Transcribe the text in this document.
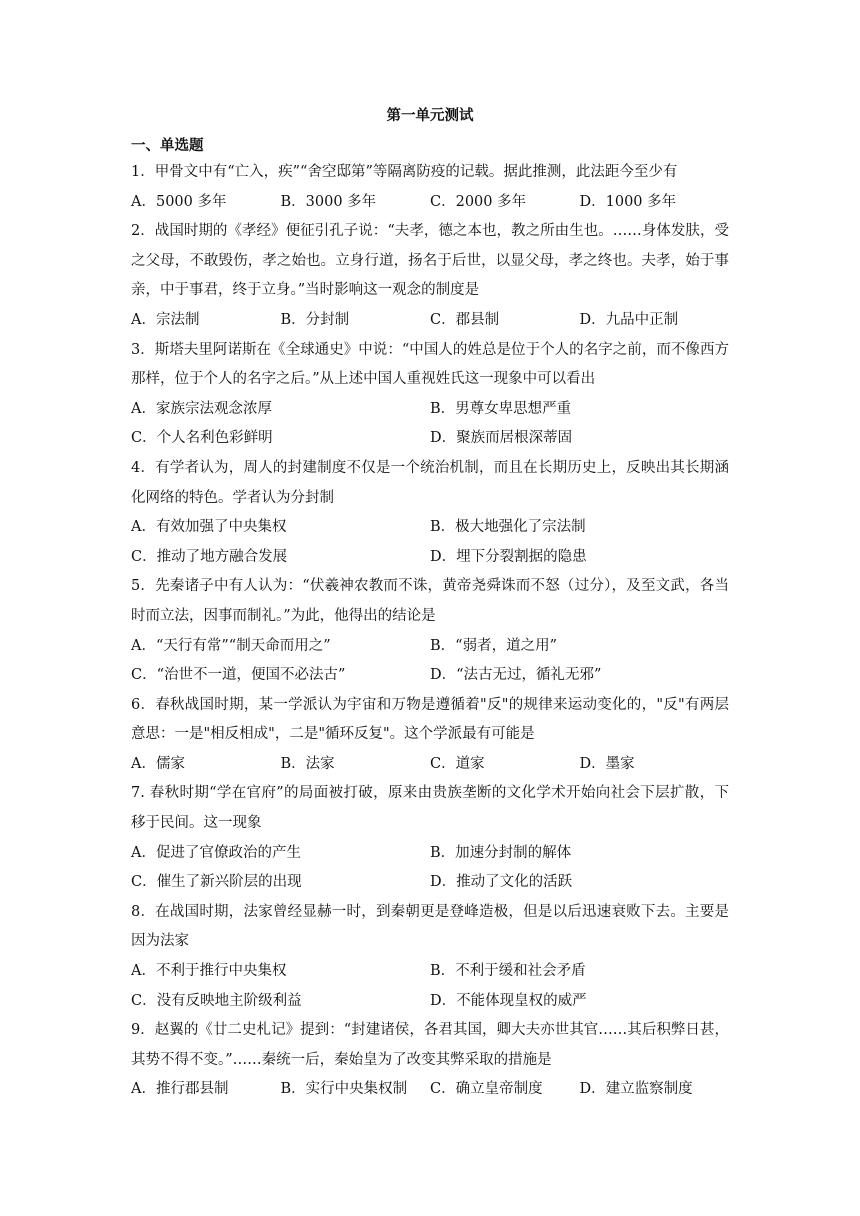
第一单元测试
一、单选题

1．甲骨文中有“亡入，疾”“舍空邸第”等隔离防疫的记载。据此推测，此法距今至少有

A．5000 多年	B．3000 多年	C．2000 多年	D．1000 多年

2．战国时期的《孝经》便征引孔子说：“夫孝，德之本也，教之所由生也。……身体发肤，受之父母，不敢毁伤，孝之始也。立身行道，扬名于后世，以显父母，孝之终也。夫孝，始于事亲，中于事君，终于立身。”当时影响这一观念的制度是

A．宗法制	B．分封制	C．郡县制	D．九品中正制

3．斯塔夫里阿诺斯在《全球通史》中说：“中国人的姓总是位于个人的名字之前，而不像西方那样，位于个人的名字之后。”从上述中国人重视姓氏这一现象中可以看出

A．家族宗法观念浓厚	B．男尊女卑思想严重
C．个人名利色彩鲜明	D．聚族而居根深蒂固

4．有学者认为，周人的封建制度不仅是一个统治机制，而且在长期历史上，反映出其长期涵化网络的特色。学者认为分封制

A．有效加强了中央集权	B．极大地强化了宗法制
C．推动了地方融合发展	D．埋下分裂割据的隐患

5．先秦诸子中有人认为：“伏羲神农教而不诛，黄帝尧舜诛而不怒（过分），及至文武，各当时而立法，因事而制礼。”为此，他得出的结论是

A．“天行有常”“制天命而用之”	B．“弱者，道之用”
C．“治世不一道，便国不必法古”	D．“法古无过，循礼无邪”

6．春秋战国时期，某一学派认为宇宙和万物是遵循着"反"的规律来运动变化的，"反"有两层意思：一是"相反相成"，二是"循环反复"。这个学派最有可能是

A．儒家	B．法家	C．道家	D．墨家

7. 春秋时期“学在官府”的局面被打破，原来由贵族垄断的文化学术开始向社会下层扩散，下移于民间。这一现象

A．促进了官僚政治的产生	B．加速分封制的解体
C．催生了新兴阶层的出现	D．推动了文化的活跃

8．在战国时期，法家曾经显赫一时，到秦朝更是登峰造极，但是以后迅速衰败下去。主要是因为法家

A．不利于推行中央集权	B．不利于缓和社会矛盾
C．没有反映地主阶级利益	D．不能体现皇权的威严

9．赵翼的《廿二史札记》提到：“封建诸侯，各君其国，卿大夫亦世其官……其后积弊日甚，其势不得不变。”……秦统一后，秦始皇为了改变其弊采取的措施是

A．推行郡县制	B．实行中央集权制	C．确立皇帝制度	D．建立监察制度
